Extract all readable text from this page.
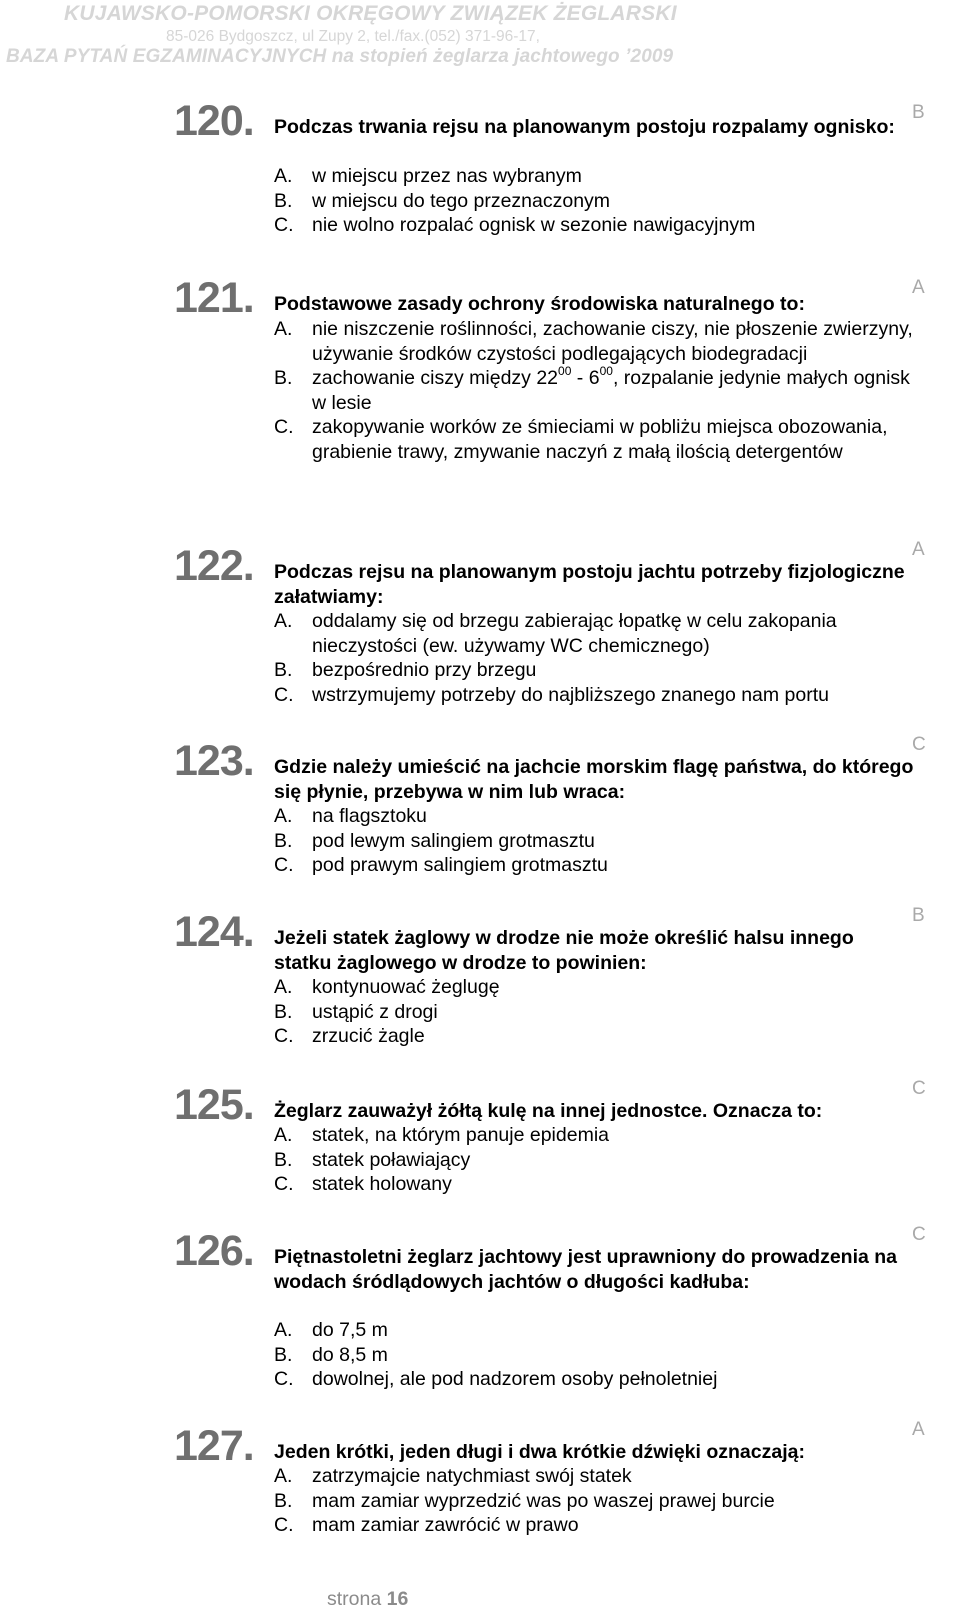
KUJAWSKO-POMORSKI OKRĘGOWY ZWIĄZEK ŻEGLARSKI
85-026 Bydgoszcz, ul Zupy 2, tel./fax.(052) 371-96-17,
BAZA PYTAŃ EGZAMINACYJNYCH na stopień żeglarza jachtowego ’2009
120. Podczas trwania rejsu na planowanym postoju rozpalamy ognisko:
A. w miejscu przez nas wybranym
B. w miejscu do tego przeznaczonym
C. nie wolno rozpalać ognisk w sezonie nawigacyjnym
B
121. Podstawowe zasady ochrony środowiska naturalnego to:
A. nie niszczenie roślinności, zachowanie ciszy, nie płoszenie zwierzyny, używanie środków czystości podlegających biodegradacji
B. zachowanie ciszy między $22^{00} - 6^{00}$, rozpalanie jedynie małych ognisk w lesie
C. zakopywanie worków ze śmieciami w pobliżu miejsca obozowania, grabienie trawy, zmywanie naczyń z małą ilością detergentów
A
122. Podczas rejsu na planowanym postoju jachtu potrzeby fizjologiczne załatwiamy:
A. oddalamy się od brzegu zabierając łopatkę w celu zakopania nieczystości (ew. używamy WC chemicznego)
B. bezpośrednio przy brzegu
C. wstrzymujemy potrzeby do najbliższego znanego nam portu
A
123. Gdzie należy umieścić na jachcie morskim flagę państwa, do którego się płynie, przebywa w nim lub wraca:
A. na flagsztoku
B. pod lewym salingiem grotmasztu
C. pod prawym salingiem grotmasztu
C
124. Jeżeli statek żaglowy w drodze nie może określić halsu innego statku żaglowego w drodze to powinien:
A. kontynuować żeglugę
B. ustąpić z drogi
C. zrzucić żagle
B
125. Żeglarz zauważył żółtą kulę na innej jednostce. Oznacza to:
A. statek, na którym panuje epidemia
B. statek poławiający
C. statek holowany
C
126. Piętnastoletni żeglarz jachtowy jest uprawniony do prowadzenia na wodach śródlądowych jachtów o długości kadłuba:
A. do 7,5 m
B. do 8,5 m
C. dowolnej, ale pod nadzorem osoby pełnoletniej
C
127. Jeden krótki, jeden długi i dwa krótkie dźwięki oznaczają:
A. zatrzymajcie natychmiast swój statek
B. mam zamiar wyprzedzić was po waszej prawej burcie
C. mam zamiar zawrócić w prawo
A
strona 16
